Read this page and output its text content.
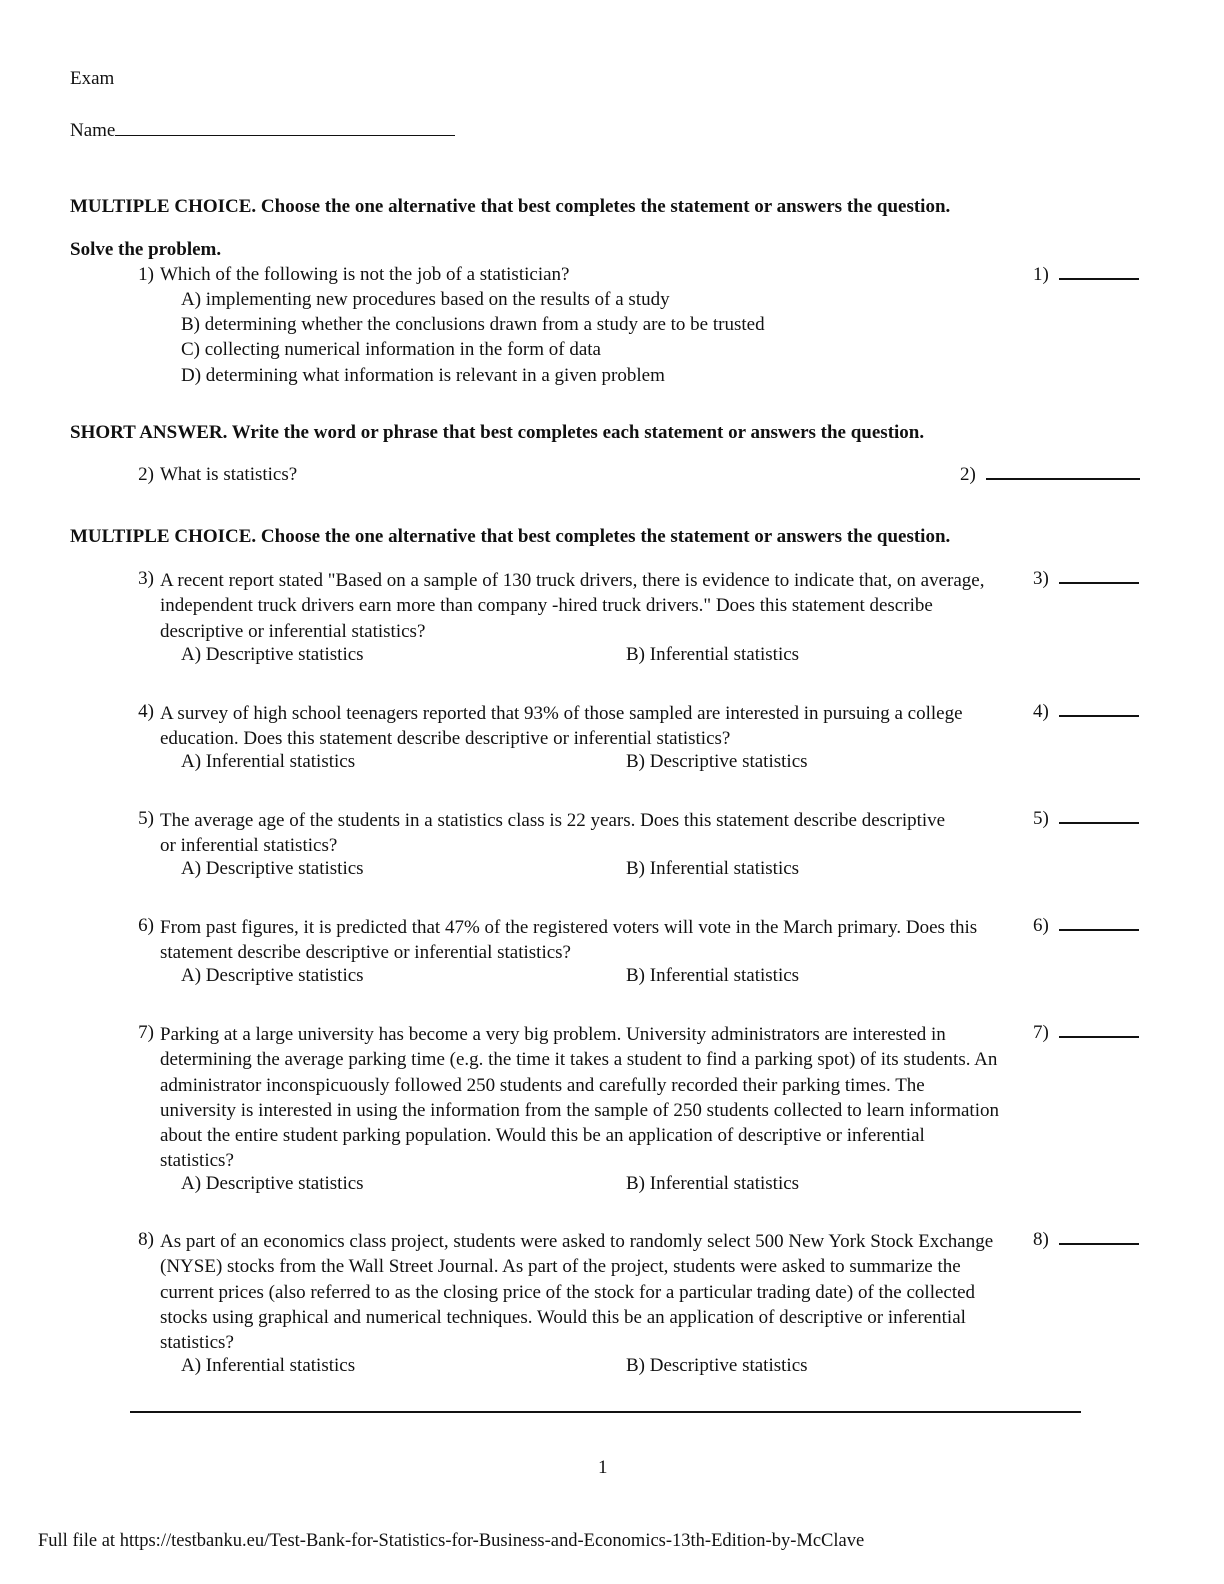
Exam
Name
MULTIPLE CHOICE. Choose the one alternative that best completes the statement or answers the question.
Solve the problem.
1) Which of the following is not the job of a statistician?
A) implementing new procedures based on the results of a study
B) determining whether the conclusions drawn from a study are to be trusted
C) collecting numerical information in the form of data
D) determining what information is relevant in a given problem
1)
SHORT ANSWER. Write the word or phrase that best completes each statement or answers the question.
2) What is statistics?	2)
MULTIPLE CHOICE. Choose the one alternative that best completes the statement or answers the question.
3) A recent report stated "Based on a sample of 130 truck drivers, there is evidence to indicate that, on average, independent truck drivers earn more than company -hired truck drivers." Does this statement describe descriptive or inferential statistics?
A) Descriptive statistics	B) Inferential statistics
3)
4) A survey of high school teenagers reported that 93% of those sampled are interested in pursuing a college education. Does this statement describe descriptive or inferential statistics?
A) Inferential statistics	B) Descriptive statistics
4)
5) The average age of the students in a statistics class is 22 years. Does this statement describe descriptive or inferential statistics?
A) Descriptive statistics	B) Inferential statistics
5)
6) From past figures, it is predicted that 47% of the registered voters will vote in the March primary. Does this statement describe descriptive or inferential statistics?
A) Descriptive statistics	B) Inferential statistics
6)
7) Parking at a large university has become a very big problem. University administrators are interested in determining the average parking time (e.g. the time it takes a student to find a parking spot) of its students. An administrator inconspicuously followed 250 students and carefully recorded their parking times. The university is interested in using the information from the sample of 250 students collected to learn information about the entire student parking population. Would this be an application of descriptive or inferential statistics?
A) Descriptive statistics	B) Inferential statistics
7)
8) As part of an economics class project, students were asked to randomly select 500 New York Stock Exchange (NYSE) stocks from the Wall Street Journal. As part of the project, students were asked to summarize the current prices (also referred to as the closing price of the stock for a particular trading date) of the collected stocks using graphical and numerical techniques. Would this be an application of descriptive or inferential statistics?
A) Inferential statistics	B) Descriptive statistics
8)
1
Full file at https://testbanku.eu/Test-Bank-for-Statistics-for-Business-and-Economics-13th-Edition-by-McClave
